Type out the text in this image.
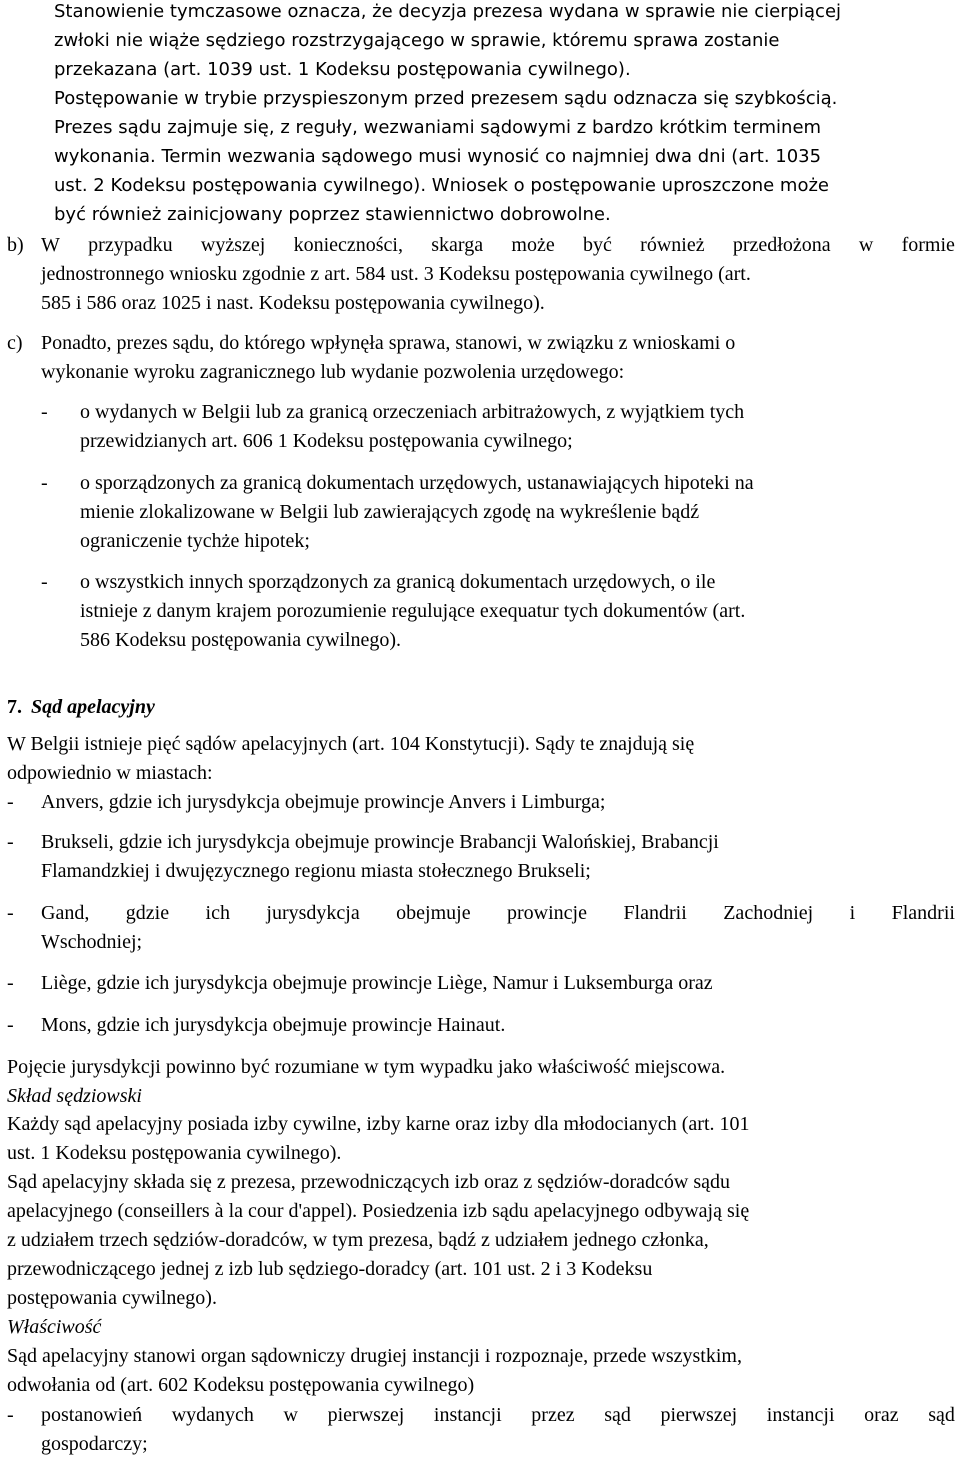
Stanowienie tymczasowe oznacza, że decyzja prezesa wydana w sprawie nie cierpiącej
zwłoki nie wiąże sędziego rozstrzygającego w sprawie, któremu sprawa zostanie
przekazana (art. 1039 ust. 1 Kodeksu postępowania cywilnego).
Postępowanie w trybie przyspieszonym przed prezesem sądu odznacza się szybkością.
Prezes sądu zajmuje się, z reguły, wezwaniami sądowymi z bardzo krótkim terminem
wykonania. Termin wezwania sądowego musi wynosić co najmniej dwa dni (art. 1035
ust. 2 Kodeksu postępowania cywilnego). Wniosek o postępowanie uproszczone może
być również zainicjowany poprzez stawiennictwo dobrowolne.
b) W przypadku wyższej konieczności, skarga może być również przedłożona w formie
jednostronnego wniosku zgodnie z art. 584 ust. 3 Kodeksu postępowania cywilnego (art.
585 i 586 oraz 1025 i nast. Kodeksu postępowania cywilnego).
c) Ponadto, prezes sądu, do którego wpłynęła sprawa, stanowi, w związku z wnioskami o
wykonanie wyroku zagranicznego lub wydanie pozwolenia urzędowego:
- o wydanych w Belgii lub za granicą orzeczeniach arbitrażowych, z wyjątkiem tych
przewidzianych art. 606 1 Kodeksu postępowania cywilnego;
- o sporządzonych za granicą dokumentach urzędowych, ustanawiających hipoteki na
mienie zlokalizowane w Belgii lub zawierających zgodę na wykreślenie bądź
ograniczenie tychże hipotek;
- o wszystkich innych sporządzonych za granicą dokumentach urzędowych, o ile
istnieje z danym krajem porozumienie regulujące exequatur tych dokumentów (art.
586 Kodeksu postępowania cywilnego).
7. Sąd apelacyjny
W Belgii istnieje pięć sądów apelacyjnych (art. 104 Konstytucji). Sądy te znajdują się
odpowiednio w miastach:
- Anvers, gdzie ich jurysdykcja obejmuje prowincje Anvers i Limburga;
- Brukseli, gdzie ich jurysdykcja obejmuje prowincje Brabancji Walońskiej, Brabancji
Flamandzkiej i dwujęzycznego regionu miasta stołecznego Brukseli;
- Gand, gdzie ich jurysdykcja obejmuje prowincje Flandrii Zachodniej i Flandrii
Wschodniej;
- Liège, gdzie ich jurysdykcja obejmuje prowincje Liège, Namur i Luksemburga oraz
- Mons, gdzie ich jurysdykcja obejmuje prowincje Hainaut.
Pojęcie jurysdykcji powinno być rozumiane w tym wypadku jako właściwość miejscowa.
Skład sędziowski
Każdy sąd apelacyjny posiada izby cywilne, izby karne oraz izby dla młodocianych (art. 101
ust. 1 Kodeksu postępowania cywilnego).
Sąd apelacyjny składa się z prezesa, przewodniczących izb oraz z sędziów-doradców sądu
apelacyjnego (conseillers à la cour d'appel). Posiedzenia izb sądu apelacyjnego odbywają się
z udziałem trzech sędziów-doradców, w tym prezesa, bądź z udziałem jednego członka,
przewodniczącego jednej z izb lub sędziego-doradcy (art. 101 ust. 2 i 3 Kodeksu
postępowania cywilnego).
Właściwość
Sąd apelacyjny stanowi organ sądowniczy drugiej instancji i rozpoznaje, przede wszystkim,
odwołania od (art. 602 Kodeksu postępowania cywilnego)
- postanowień wydanych w pierwszej instancji przez sąd pierwszej instancji oraz sąd
gospodarczy;
